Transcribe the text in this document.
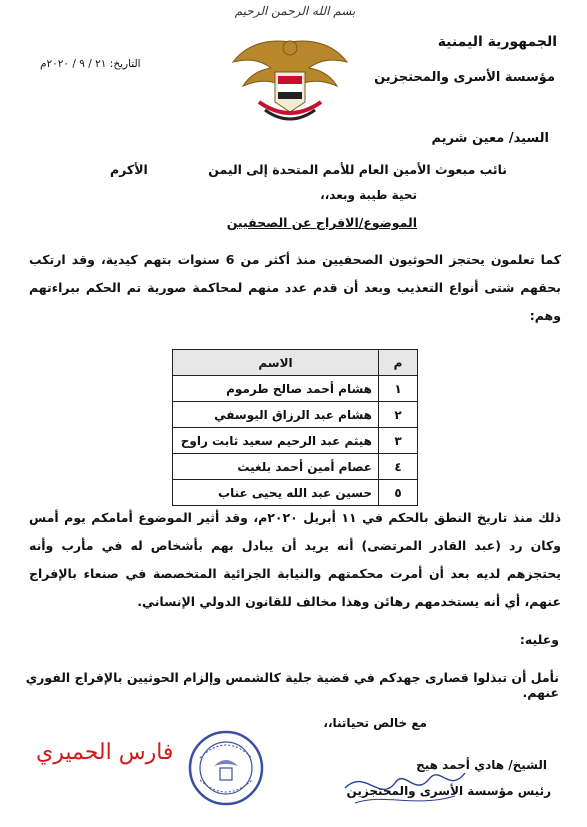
بسم الله الرحمن الرحيم
الجمهورية اليمنية
مؤسسة الأسرى والمحتجزين
التاريخ: ٢١ / ٩ / ٢٠٢٠م
السيد/ معين شريم
نائب مبعوث الأمين العام للأمم المتحدة إلى اليمن
الأكرم
تحية طيبة وبعد،،
الموضوع/الافراج عن الصحفيين
كما تعلمون يحتجز الحوثيون الصحفيين منذ أكثر من 6 سنوات بتهم كيدية، وقد ارتكب بحقهم شتى أنواع التعذيب وبعد أن قدم عدد منهم لمحاكمة صورية تم الحكم ببراءتهم وهم:
م	الاسم
١	هشام أحمد صالح طرموم
٢	هشام عبد الرزاق اليوسفي
٣	هيثم عبد الرحيم سعيد ثابت راوح
٤	عصام أمين أحمد بلغيث
٥	حسين عبد الله يحيى عناب
ذلك منذ تاريخ النطق بالحكم في ١١ أبريل ٢٠٢٠م، وقد أثير الموضوع أمامكم يوم أمس وكان رد (عبد القادر المرتضى) أنه يريد أن يبادل بهم بأشخاص له في مأرب وأنه يحتجزهم لديه بعد أن أمرت محكمتهم والنيابة الجزائية المتخصصة في صنعاء بالإفراج عنهم، أي أنه يستخدمهم رهائن وهذا مخالف للقانون الدولي الإنساني.
وعليه:
نأمل أن تبذلوا قصارى جهدكم في قضية جلية كالشمس وإلزام الحوثيين بالإفراج الفوري عنهم.
مع خالص تحياتنا،،
فارس الحميري	الشيخ/ هادي أحمد هيج
رئيس مؤسسة الأسرى والمحتجزين
